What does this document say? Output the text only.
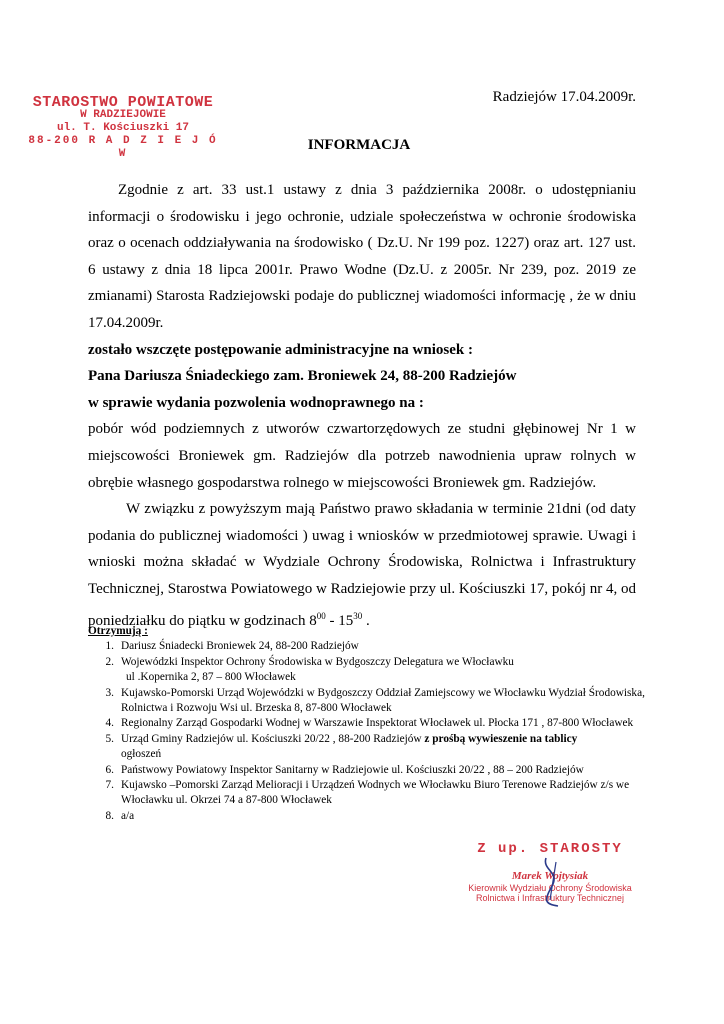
STAROSTWO POWIATOWE
W RADZIEJOWIE
ul. T. Kościuszki 17
88-200 R A D Z I E J Ó W
Radziejów 17.04.2009r.
INFORMACJA

Zgodnie z art. 33 ust.1 ustawy z dnia 3 października 2008r. o udostępnianiu informacji o środowisku i jego ochronie, udziale społeczeństwa w ochronie środowiska oraz o ocenach oddziaływania na środowisko ( Dz.U. Nr 199 poz. 1227) oraz art. 127 ust. 6 ustawy z dnia 18 lipca 2001r. Prawo Wodne (Dz.U. z 2005r. Nr 239, poz. 2019 ze zmianami) Starosta Radziejowski podaje do publicznej wiadomości informację , że w dniu 17.04.2009r.

zostało wszczęte postępowanie administracyjne na wniosek :

Pana Dariusza Śniadeckiego zam. Broniewek 24, 88-200 Radziejów

w sprawie wydania pozwolenia wodnoprawnego na :

pobór wód podziemnych z utworów czwartorzędowych ze studni głębinowej Nr 1 w miejscowości Broniewek gm. Radziejów dla potrzeb nawodnienia upraw rolnych w obrębie własnego gospodarstwa rolnego w miejscowości Broniewek gm. Radziejów.

W związku z powyższym mają Państwo prawo składania w terminie 21dni (od daty podania do publicznej wiadomości ) uwag i wniosków w przedmiotowej sprawie. Uwagi i wnioski można składać w Wydziale Ochrony Środowiska, Rolnictwa i Infrastruktury Technicznej, Starostwa Powiatowego w Radziejowie przy ul. Kościuszki 17, pokój nr 4, od poniedziałku do piątku w godzinach $8^{00} - 15^{30}$ .

Otrzymują :
1. Dariusz Śniadecki Broniewek 24, 88-200 Radziejów
2. Wojewódzki Inspektor Ochrony Środowiska w Bydgoszczy Delegatura we Włocławku
ul .Kopernika 2, 87 – 800 Włocławek
3. Kujawsko-Pomorski Urząd Wojewódzki w Bydgoszczy Oddział Zamiejscowy we Włocławku Wydział Środowiska, Rolnictwa i Rozwoju Wsi ul. Brzeska 8, 87-800 Włocławek
4. Regionalny Zarząd Gospodarki Wodnej w Warszawie Inspektorat Włocławek ul. Płocka 171 , 87-800 Włocławek
5. Urząd Gminy Radziejów ul. Kościuszki 20/22 , 88-200 Radziejów z prośbą wywieszenie na tablicy
ogłoszeń
6. Państwowy Powiatowy Inspektor Sanitarny w Radziejowie ul. Kościuszki 20/22 , 88 – 200 Radziejów
7. Kujawsko –Pomorski Zarząd Melioracji i Urządzeń Wodnych we Włocławku Biuro Terenowe Radziejów z/s we Włocławku ul. Okrzei 74 a 87-800 Włocławek
8. a/a
Z up. STAROSTY
Marek Wojtysiak
Kierownik Wydziału Ochrony Środowiska
Rolnictwa i Infrastruktury Technicznej
